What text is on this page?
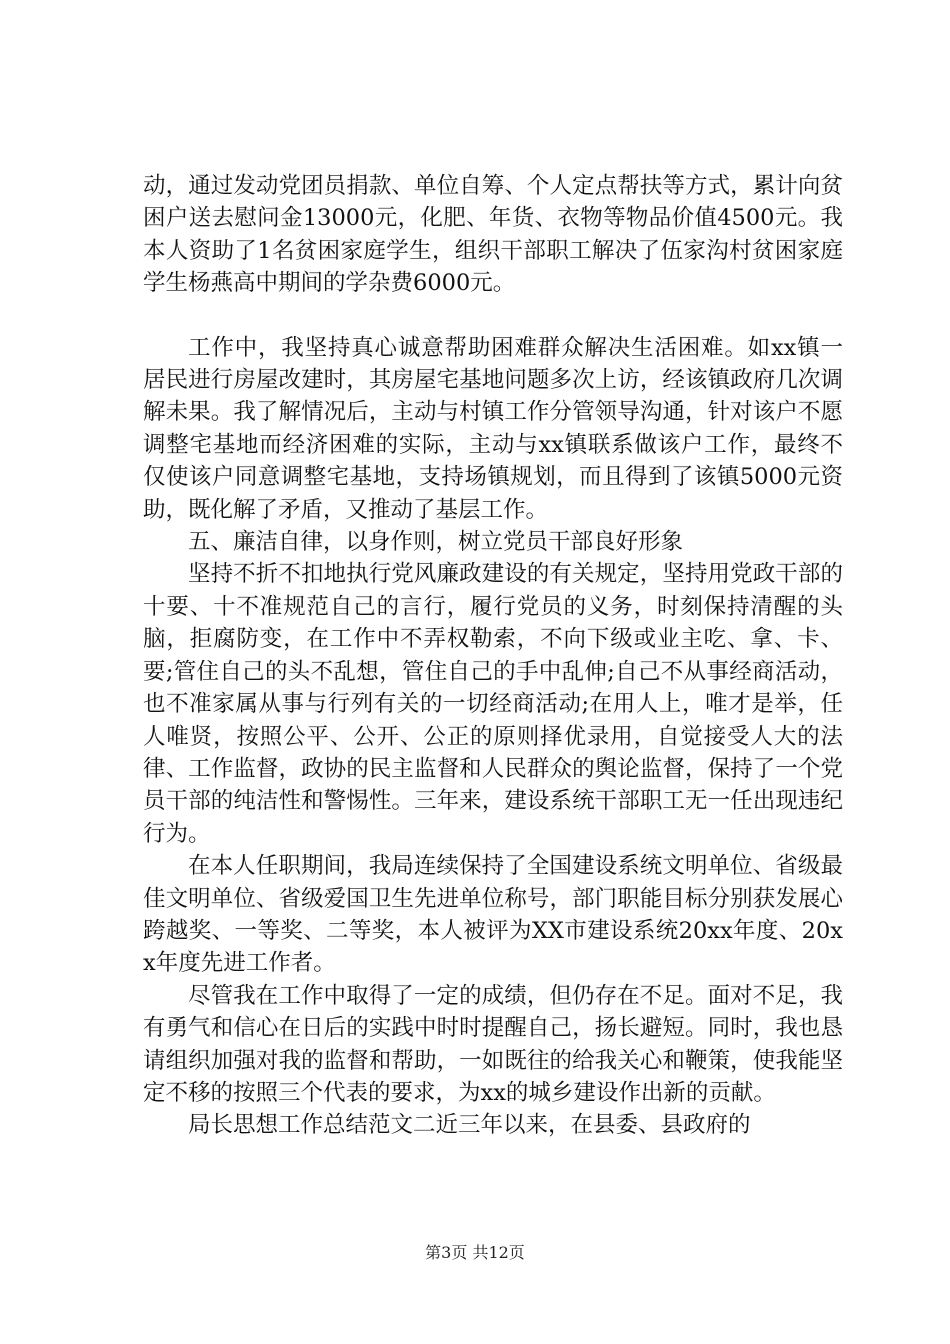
动，通过发动党团员捐款、单位自筹、个人定点帮扶等方式，累计向贫困户送去慰问金13000元，化肥、年货、衣物等物品价值4500元。我本人资助了1名贫困家庭学生，组织干部职工解决了伍家沟村贫困家庭学生杨燕高中期间的学杂费6000元。

工作中，我坚持真心诚意帮助困难群众解决生活困难。如xx镇一居民进行房屋改建时，其房屋宅基地问题多次上访，经该镇政府几次调解未果。我了解情况后，主动与村镇工作分管领导沟通，针对该户不愿调整宅基地而经济困难的实际，主动与xx镇联系做该户工作，最终不仅使该户同意调整宅基地，支持场镇规划，而且得到了该镇5000元资助，既化解了矛盾，又推动了基层工作。

五、廉洁自律，以身作则，树立党员干部良好形象

坚持不折不扣地执行党风廉政建设的有关规定，坚持用党政干部的十要、十不准规范自己的言行，履行党员的义务，时刻保持清醒的头脑，拒腐防变，在工作中不弄权勒索，不向下级或业主吃、拿、卡、要;管住自己的头不乱想，管住自己的手中乱伸;自己不从事经商活动，也不准家属从事与行列有关的一切经商活动;在用人上，唯才是举，任人唯贤，按照公平、公开、公正的原则择优录用，自觉接受人大的法律、工作监督，政协的民主监督和人民群众的舆论监督，保持了一个党员干部的纯洁性和警惕性。三年来，建设系统干部职工无一任出现违纪行为。

在本人任职期间，我局连续保持了全国建设系统文明单位、省级最佳文明单位、省级爱国卫生先进单位称号，部门职能目标分别获发展心跨越奖、一等奖、二等奖，本人被评为XX市建设系统20xx年度、20xx年度先进工作者。

尽管我在工作中取得了一定的成绩，但仍存在不足。面对不足，我有勇气和信心在日后的实践中时时提醒自己，扬长避短。同时，我也恳请组织加强对我的监督和帮助，一如既往的给我关心和鞭策，使我能坚定不移的按照三个代表的要求，为xx的城乡建设作出新的贡献。

局长思想工作总结范文二近三年以来，在县委、县政府的

第3页 共12页
